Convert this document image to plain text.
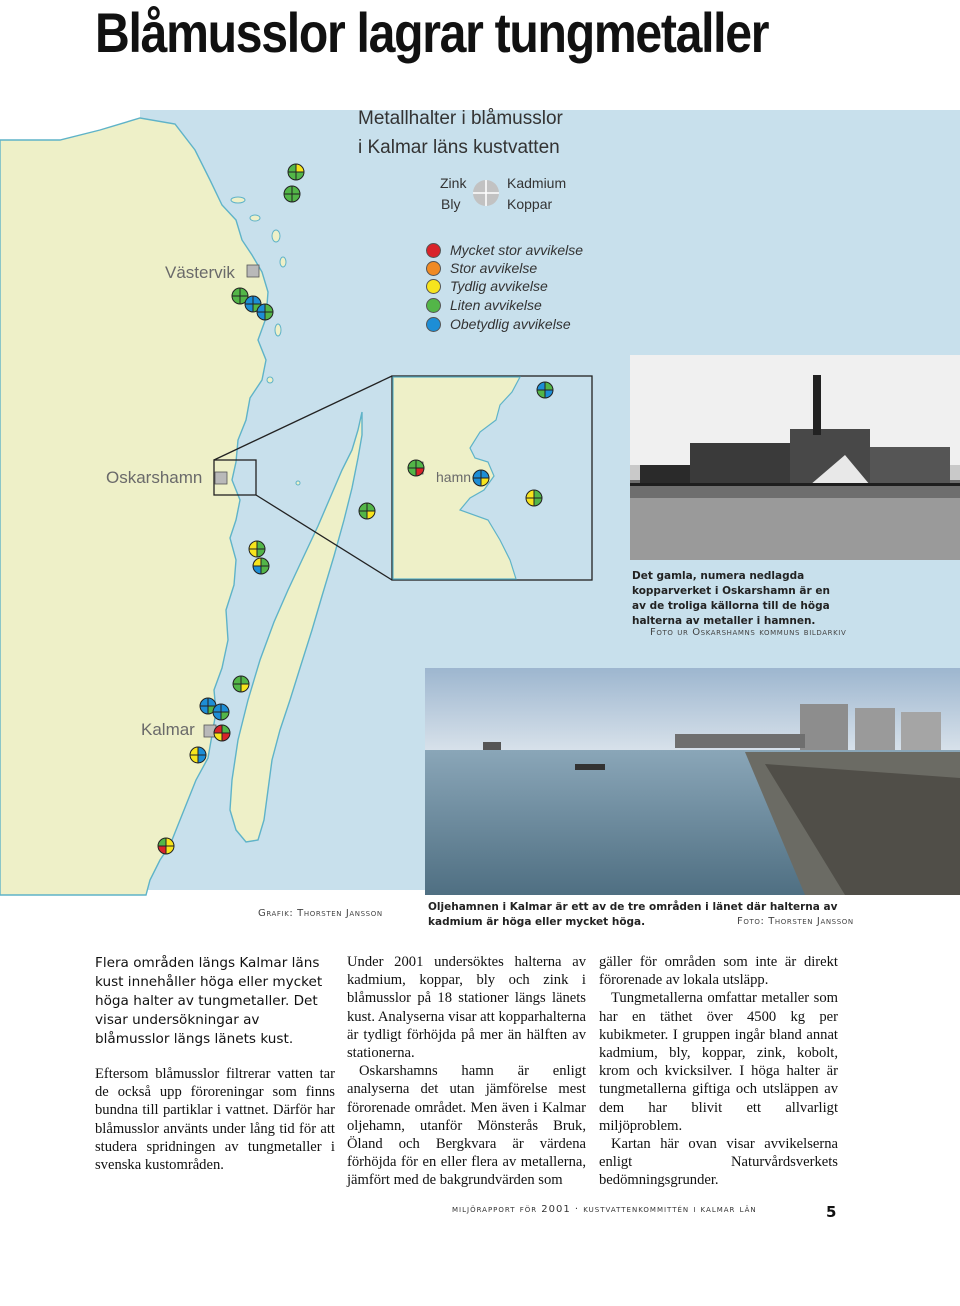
Blåmusslor lagrar tungmetaller
Metallhalter i blåmusslor
i Kalmar läns kustvatten
Zink	Kadmium
Bly	Koppar
Mycket stor avvikelse
Stor avvikelse
Tydlig avvikelse
Liten avvikelse
Obetydlig avvikelse
Västervik
Oskarshamn	hamn
Kalmar
Grafik: Thorsten Jansson
Det gamla, numera nedlagda kopparverket i Oskarshamn är en av de troliga källorna till de höga halterna av metaller i hamnen.
Foto ur Oskarshamns kommuns bildarkiv
Oljehamnen i Kalmar är ett av de tre områden i länet där halterna av kadmium är höga eller mycket höga.	Foto: Thorsten Jansson

Flera områden längs Kalmar läns kust innehåller höga eller mycket höga halter av tungmetaller. Det visar undersökningar av blåmusslor längs länets kust.

Eftersom blåmusslor filtrerar vatten tar de också upp föroreningar som finns bundna till partiklar i vattnet. Därför har blåmusslor använts under lång tid för att studera spridningen av tungmetaller i svenska kustområden.

Under 2001 undersöktes halterna av kadmium, koppar, bly och zink i blåmusslor på 18 stationer längs länets kust. Analyserna visar att kopparhalterna är tydligt förhöjda på mer än hälften av stationerna.

Oskarshamns hamn är enligt analyserna det utan jämförelse mest förorenade området. Men även i Kalmar oljehamn, utanför Mönsterås Bruk, Öland och Bergkvara är värdena förhöjda för en eller flera av metallerna, jämfört med de bakgrundvärden som

gäller för områden som inte är direkt förorenade av lokala utsläpp.

Tungmetallerna omfattar metaller som har en täthet över 4500 kg per kubikmeter. I gruppen ingår bland annat kadmium, bly, koppar, zink, kobolt, krom och kvicksilver. I höga halter är tungmetallerna giftiga och utsläppen av dem har blivit ett allvarligt miljöproblem.

Kartan här ovan visar avvikelserna enligt Naturvårdsverkets bedömningsgrunder.

miljörapport för 2001 · kustvattenkommittén i kalmar län	5
